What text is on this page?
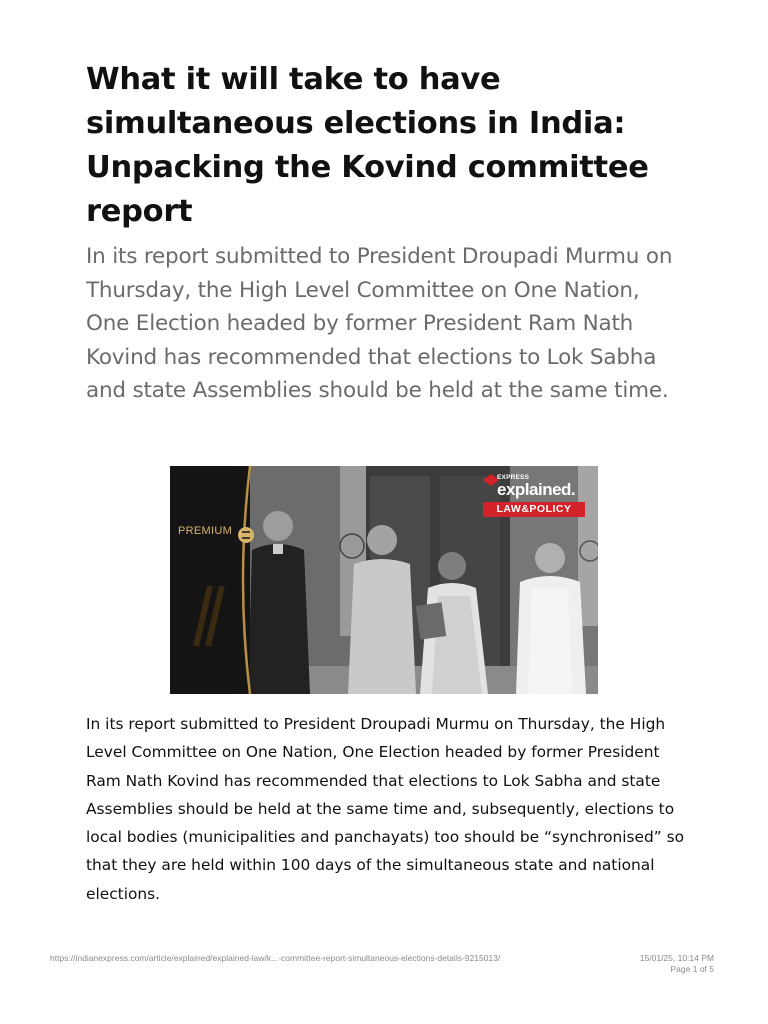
What it will take to have simultaneous elections in India: Unpacking the Kovind committee report

In its report submitted to President Droupadi Murmu on Thursday, the High Level Committee on One Nation, One Election headed by former President Ram Nath Kovind has recommended that elections to Lok Sabha and state Assemblies should be held at the same time.

PREMIUM
EXPRESS
explained.
LAW&POLICY

In its report submitted to President Droupadi Murmu on Thursday, the High Level Committee on One Nation, One Election headed by former President Ram Nath Kovind has recommended that elections to Lok Sabha and state Assemblies should be held at the same time and, subsequently, elections to local bodies (municipalities and panchayats) too should be “synchronised” so that they are held within 100 days of the simultaneous state and national elections.

https://indianexpress.com/article/explained/explained-law/k...-committee-report-simultaneous-elections-details-9215013/	15/01/25, 10:14 PM
Page 1 of 5
